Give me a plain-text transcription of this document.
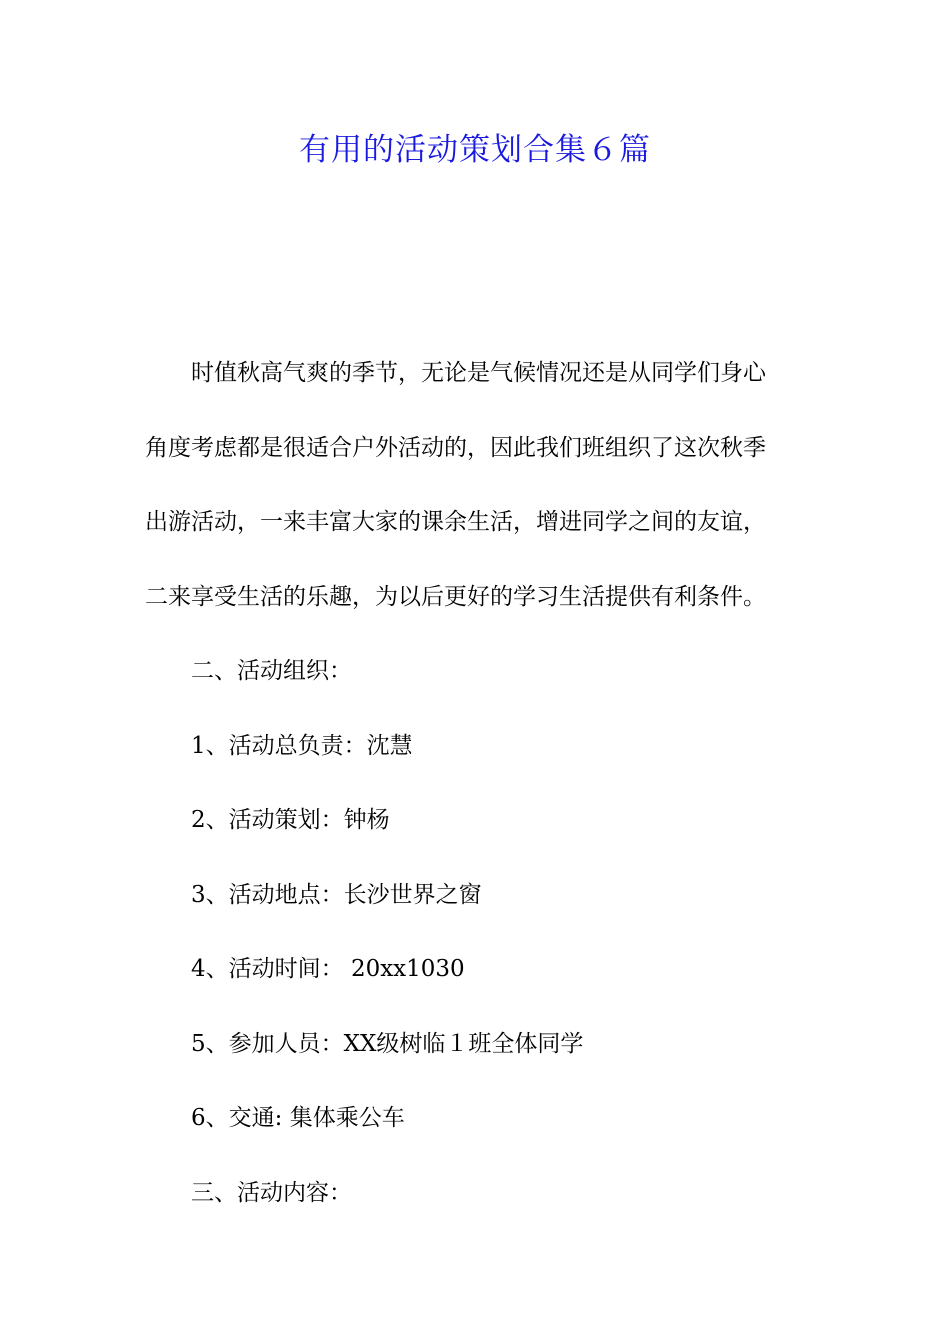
有用的活动策划合集６篇

时值秋高气爽的季节，无论是气候情况还是从同学们身心
角度考虑都是很适合户外活动的，因此我们班组织了这次秋季
出游活动，一来丰富大家的课余生活，增进同学之间的友谊，
二来享受生活的乐趣，为以后更好的学习生活提供有利条件。

二、活动组织：

1、活动总负责：沈慧

2、活动策划：钟杨

3、活动地点：长沙世界之窗

4、活动时间： 20xx1030

5、参加人员：XX级树临１班全体同学

6、交通: 集体乘公车

三、活动内容：
